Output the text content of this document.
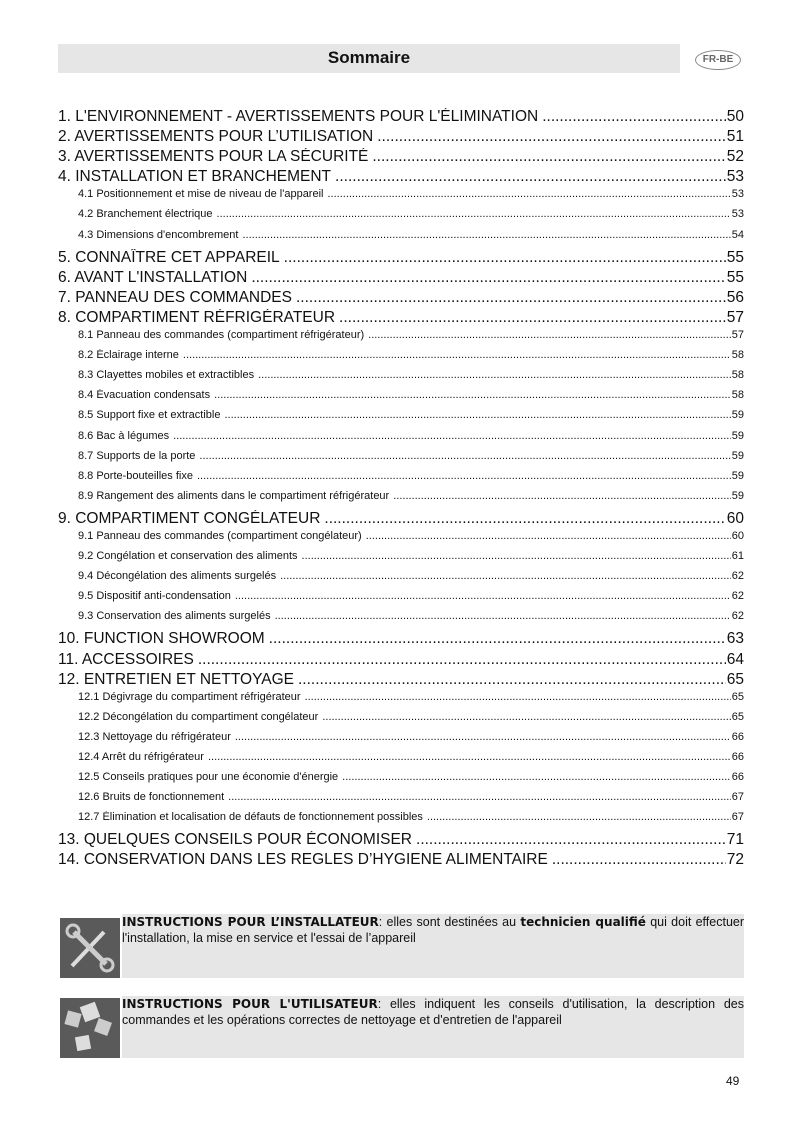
Sommaire	FR-BE
1. L'ENVIRONNEMENT - AVERTISSEMENTS POUR L'ÉLIMINATION .....	50
2. AVERTISSEMENTS POUR L’UTILISATION .....	51
3. AVERTISSEMENTS POUR LA SÉCURITÉ .....	52
4. INSTALLATION ET BRANCHEMENT .....	53
4.1 Positionnement et mise de niveau de l'appareil .....	53
4.2 Branchement électrique .....	53
4.3 Dimensions d'encombrement .....	54
5. CONNAÎTRE CET APPAREIL .....	55
6. AVANT L'INSTALLATION .....	55
7. PANNEAU DES COMMANDES .....	56
8. COMPARTIMENT RÉFRIGÉRATEUR .....	57
8.1 Panneau des commandes (compartiment réfrigérateur) .....	57
8.2 Éclairage interne .....	58
8.3 Clayettes mobiles et extractibles .....	58
8.4 Évacuation condensats .....	58
8.5 Support fixe et extractible .....	59
8.6 Bac à légumes .....	59
8.7 Supports de la porte .....	59
8.8 Porte-bouteilles fixe .....	59
8.9 Rangement des aliments dans le compartiment réfrigérateur .....	59
9. COMPARTIMENT CONGÉLATEUR .....	60
9.1 Panneau des commandes (compartiment congélateur) .....	60
9.2 Congélation et conservation des aliments .....	61
9.4 Décongélation des aliments surgelés .....	62
9.5 Dispositif anti-condensation .....	62
9.3 Conservation des aliments surgelés .....	62
10. FUNCTION SHOWROOM .....	63
11. ACCESSOIRES .....	64
12. ENTRETIEN ET NETTOYAGE .....	65
12.1 Dégivrage du compartiment réfrigérateur .....	65
12.2 Décongélation du compartiment congélateur .....	65
12.3 Nettoyage du réfrigérateur .....	66
12.4 Arrêt du réfrigérateur .....	66
12.5 Conseils pratiques pour une économie d'énergie .....	66
12.6 Bruits de fonctionnement .....	67
12.7 Élimination et localisation de défauts de fonctionnement possibles .....	67
13. QUELQUES CONSEILS POUR ÉCONOMISER .....	71
14. CONSERVATION DANS LES REGLES D’HYGIENE ALIMENTAIRE .....	72
INSTRUCTIONS POUR L’INSTALLATEUR: elles sont destinées au technicien qualifié qui doit effectuer l'installation, la mise en service et l'essai de l’appareil
INSTRUCTIONS POUR L'UTILISATEUR: elles indiquent les conseils d'utilisation, la description des commandes et les opérations correctes de nettoyage et d'entretien de l'appareil
49
